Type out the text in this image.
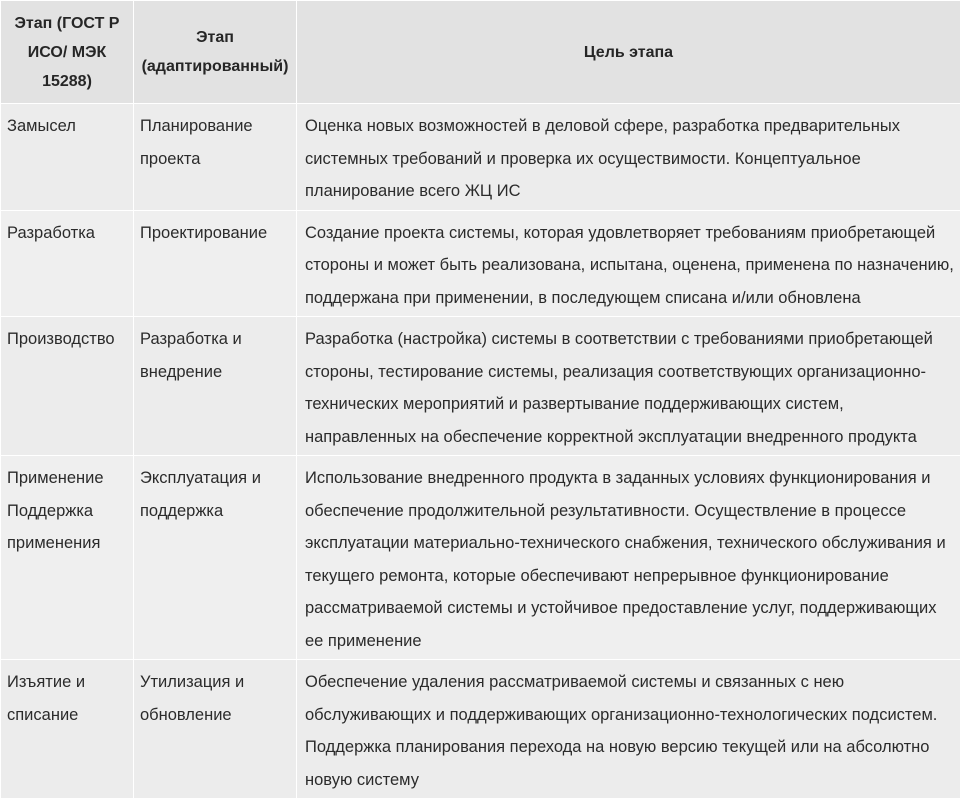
Этап (ГОСТ Р ИСО/ МЭК 15288)	Этап (адаптированный)	Цель этапа
Замысел	Планирование проекта	Оценка новых возможностей в деловой сфере, разработка предварительных системных требований и проверка их осуществимости. Концептуальное планирование всего ЖЦ ИС
Разработка	Проектирование	Создание проекта системы, которая удовлетворяет требованиям приобретающей стороны и может быть реализована, испытана, оценена, применена по назначению, поддержана при применении, в последующем списана и/или обновлена
Производство	Разработка и внедрение	Разработка (настройка) системы в соответствии с требованиями приобретающей стороны, тестирование системы, реализация соответствующих организационно-технических мероприятий и развертывание поддерживающих систем, направленных на обеспечение корректной эксплуатации внедренного продукта
Применение Поддержка применения	Эксплуатация и поддержка	Использование внедренного продукта в заданных условиях функционирования и обеспечение продолжительной результативности. Осуществление в процессе эксплуатации материально-технического снабжения, технического обслуживания и текущего ремонта, которые обеспечивают непрерывное функционирование рассматриваемой системы и устойчивое предоставление услуг, поддерживающих ее применение
Изъятие и списание	Утилизация и обновление	Обеспечение удаления рассматриваемой системы и связанных с нею обслуживающих и поддерживающих организационно-технологических подсистем. Поддержка планирования перехода на новую версию текущей или на абсолютно новую систему
